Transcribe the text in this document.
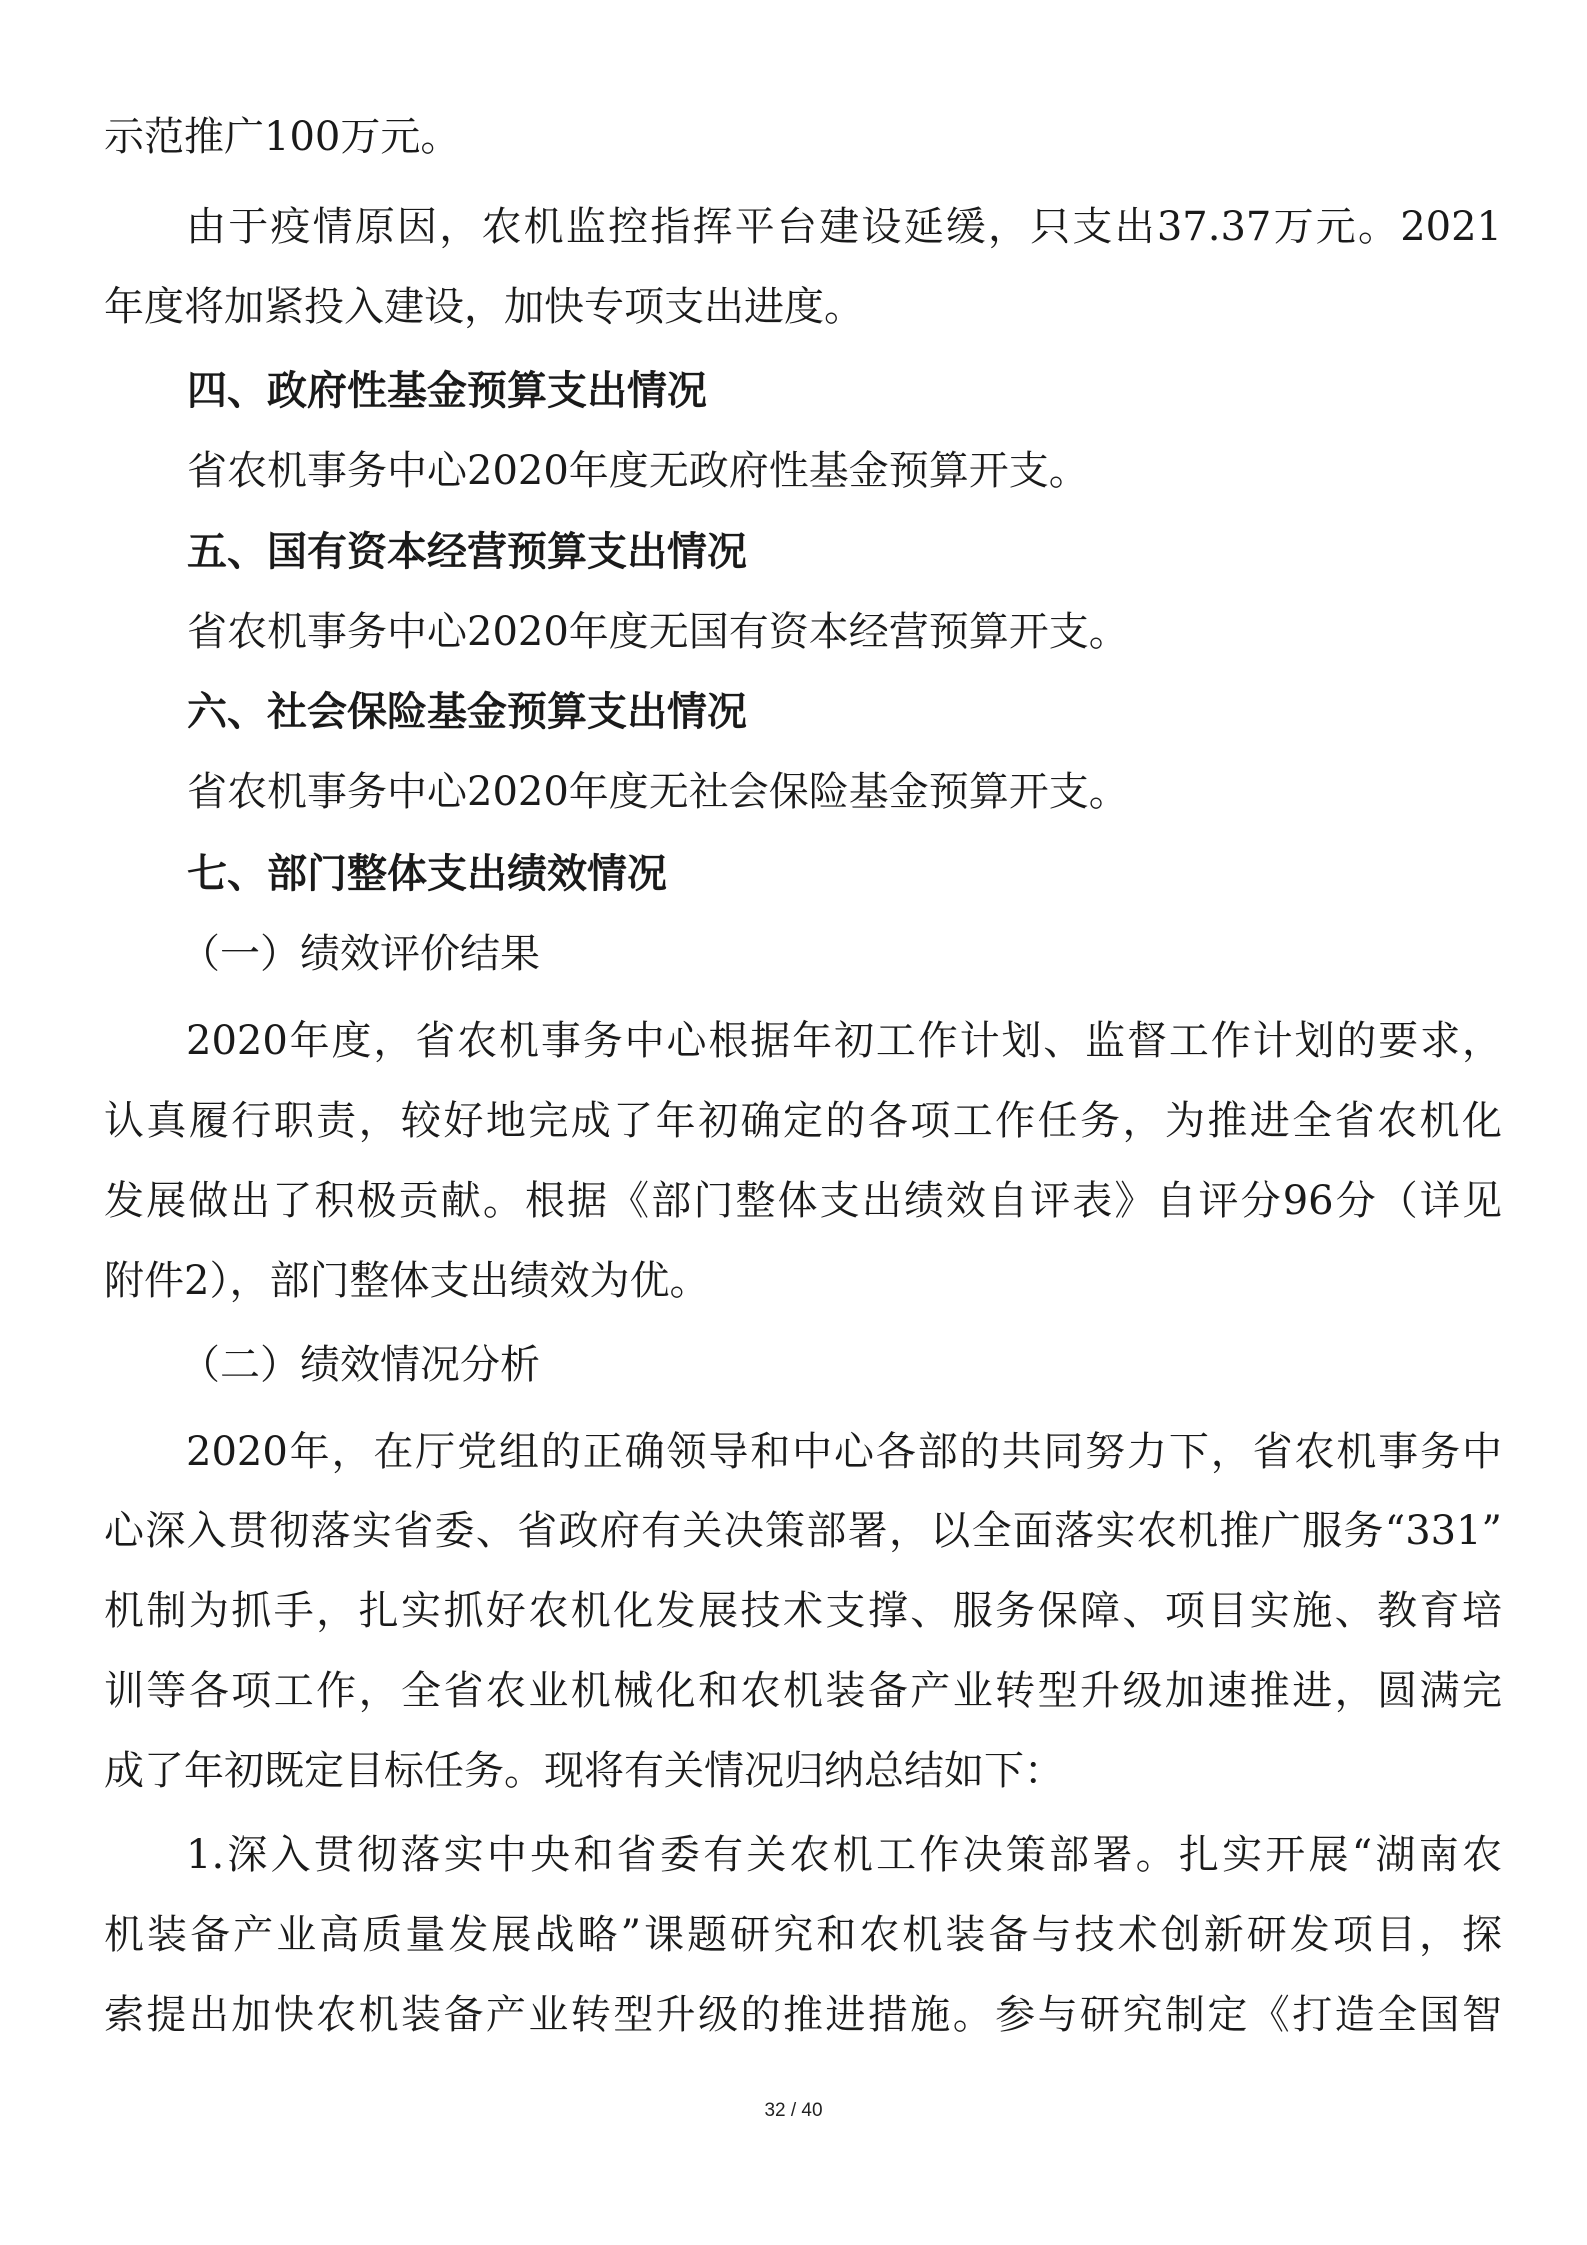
示范推广100万元。
由于疫情原因，农机监控指挥平台建设延缓，只支出37.37万元。2021
年度将加紧投入建设，加快专项支出进度。
四、政府性基金预算支出情况
省农机事务中心2020年度无政府性基金预算开支。
五、国有资本经营预算支出情况
省农机事务中心2020年度无国有资本经营预算开支。
六、社会保险基金预算支出情况
省农机事务中心2020年度无社会保险基金预算开支。
七、部门整体支出绩效情况
（一）绩效评价结果
2020年度，省农机事务中心根据年初工作计划、监督工作计划的要求，
认真履行职责，较好地完成了年初确定的各项工作任务，为推进全省农机化
发展做出了积极贡献。根据《部门整体支出绩效自评表》自评分96分（详见
附件2），部门整体支出绩效为优。
（二）绩效情况分析
2020年，在厅党组的正确领导和中心各部的共同努力下，省农机事务中
心深入贯彻落实省委、省政府有关决策部署，以全面落实农机推广服务“331”
机制为抓手，扎实抓好农机化发展技术支撑、服务保障、项目实施、教育培
训等各项工作，全省农业机械化和农机装备产业转型升级加速推进，圆满完
成了年初既定目标任务。现将有关情况归纳总结如下：
1.深入贯彻落实中央和省委有关农机工作决策部署。扎实开展“湖南农
机装备产业高质量发展战略”课题研究和农机装备与技术创新研发项目，探
索提出加快农机装备产业转型升级的推进措施。参与研究制定《打造全国智
32 / 40
